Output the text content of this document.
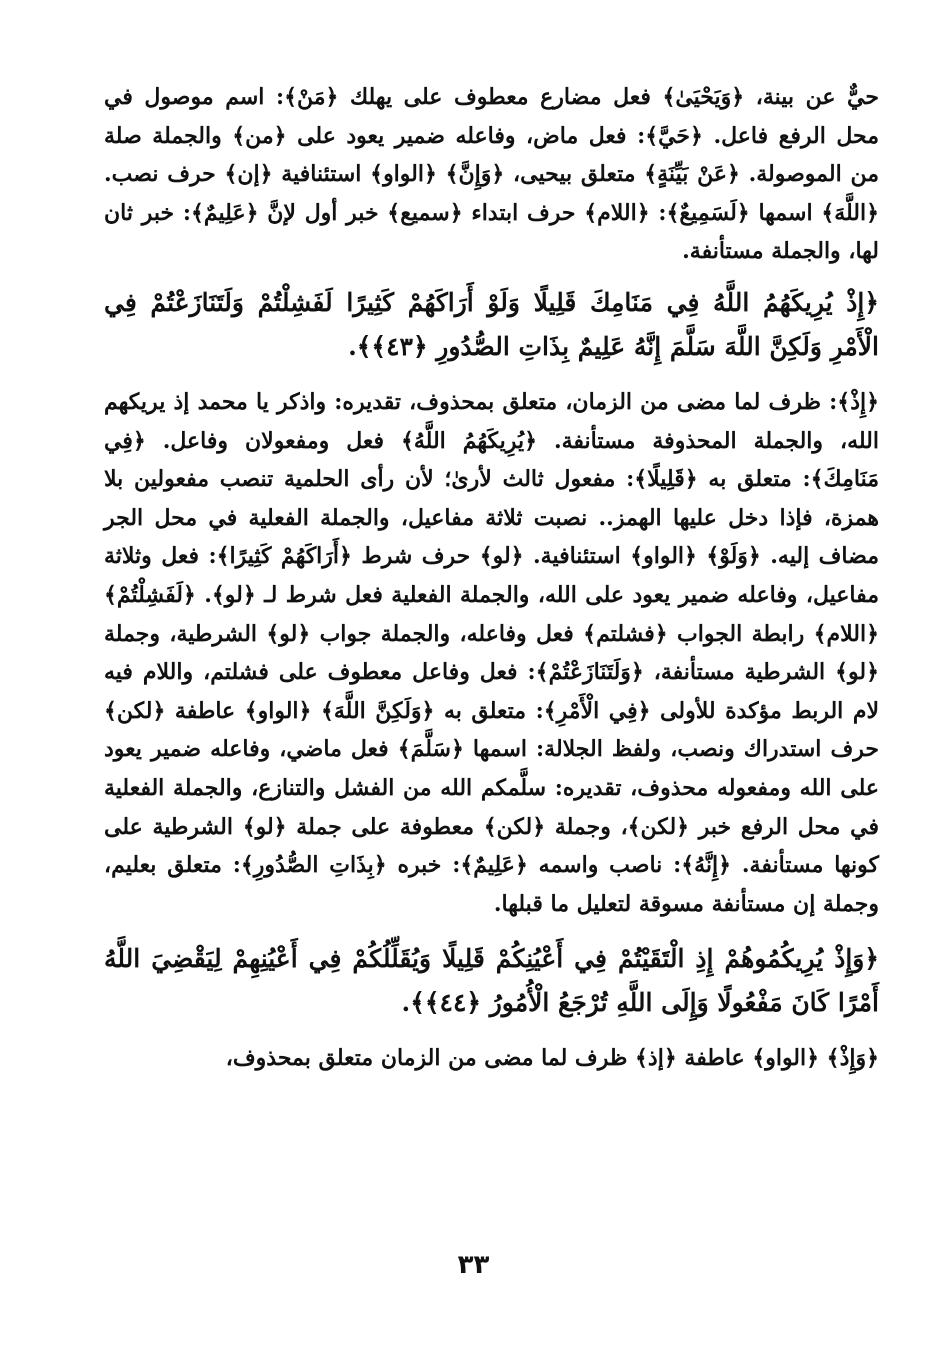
حيٌّ عن بينة، ﴿وَيَحْيَىٰ﴾ فعل مضارع معطوف على يهلك ﴿مَنْ﴾: اسم موصول في محل الرفع فاعل. ﴿حَيَّ﴾: فعل ماض، وفاعله ضمير يعود على ﴿من﴾ والجملة صلة من الموصولة. ﴿عَنْ بَيِّنَةٍ﴾ متعلق بيحيى، ﴿وَإِنَّ﴾ ﴿الواو﴾ استئنافية ﴿إن﴾ حرف نصب. ﴿اللَّهَ﴾ اسمها ﴿لَسَمِيعٌ﴾: ﴿اللام﴾ حرف ابتداء ﴿سميع﴾ خبر أول لإنَّ ﴿عَلِيمٌ﴾: خبر ثان لها، والجملة مستأنفة.

﴿إِذْ يُرِيكَهُمُ اللَّهُ فِي مَنَامِكَ قَلِيلًا وَلَوْ أَرَاكَهُمْ كَثِيرًا لَفَشِلْتُمْ وَلَتَنَازَعْتُمْ فِي الْأَمْرِ وَلَكِنَّ اللَّهَ سَلَّمَ إِنَّهُ عَلِيمٌ بِذَاتِ الصُّدُورِ ﴿٤٣﴾﴾.

﴿إِذْ﴾: ظرف لما مضى من الزمان، متعلق بمحذوف، تقديره: واذكر يا محمد إذ يريكهم الله، والجملة المحذوفة مستأنفة. ﴿يُرِيكَهُمُ اللَّهُ﴾ فعل ومفعولان وفاعل. ﴿فِي مَنَامِكَ﴾: متعلق به ﴿قَلِيلًا﴾: مفعول ثالث لأرىٰ؛ لأن رأى الحلمية تنصب مفعولين بلا همزة، فإذا دخل عليها الهمز.. نصبت ثلاثة مفاعيل، والجملة الفعلية في محل الجر مضاف إليه. ﴿وَلَوْ﴾ ﴿الواو﴾ استئنافية. ﴿لو﴾ حرف شرط ﴿أَرَاكَهُمْ كَثِيرًا﴾: فعل وثلاثة مفاعيل، وفاعله ضمير يعود على الله، والجملة الفعلية فعل شرط لـ ﴿لو﴾. ﴿لَفَشِلْتُمْ﴾ ﴿اللام﴾ رابطة الجواب ﴿فشلتم﴾ فعل وفاعله، والجملة جواب ﴿لو﴾ الشرطية، وجملة ﴿لو﴾ الشرطية مستأنفة، ﴿وَلَتَنَازَعْتُمْ﴾: فعل وفاعل معطوف على فشلتم، واللام فيه لام الربط مؤكدة للأولى ﴿فِي الْأَمْرِ﴾: متعلق به ﴿وَلَكِنَّ اللَّهَ﴾ ﴿الواو﴾ عاطفة ﴿لكن﴾ حرف استدراك ونصب، ولفظ الجلالة: اسمها ﴿سَلَّمَ﴾ فعل ماضي، وفاعله ضمير يعود على الله ومفعوله محذوف، تقديره: سلَّمكم الله من الفشل والتنازع، والجملة الفعلية في محل الرفع خبر ﴿لكن﴾، وجملة ﴿لكن﴾ معطوفة على جملة ﴿لو﴾ الشرطية على كونها مستأنفة. ﴿إِنَّهُ﴾: ناصب واسمه ﴿عَلِيمٌ﴾: خبره ﴿بِذَاتِ الصُّدُورِ﴾: متعلق بعليم، وجملة إن مستأنفة مسوقة لتعليل ما قبلها.

﴿وَإِذْ يُرِيكُمُوهُمْ إِذِ الْتَقَيْتُمْ فِي أَعْيُنِكُمْ قَلِيلًا وَيُقَلِّلُكُمْ فِي أَعْيُنِهِمْ لِيَقْضِيَ اللَّهُ أَمْرًا كَانَ مَفْعُولًا وَإِلَى اللَّهِ تُرْجَعُ الْأُمُورُ ﴿٤٤﴾﴾.

﴿وَإِذْ﴾ ﴿الواو﴾ عاطفة ﴿إذ﴾ ظرف لما مضى من الزمان متعلق بمحذوف،

٣٣
